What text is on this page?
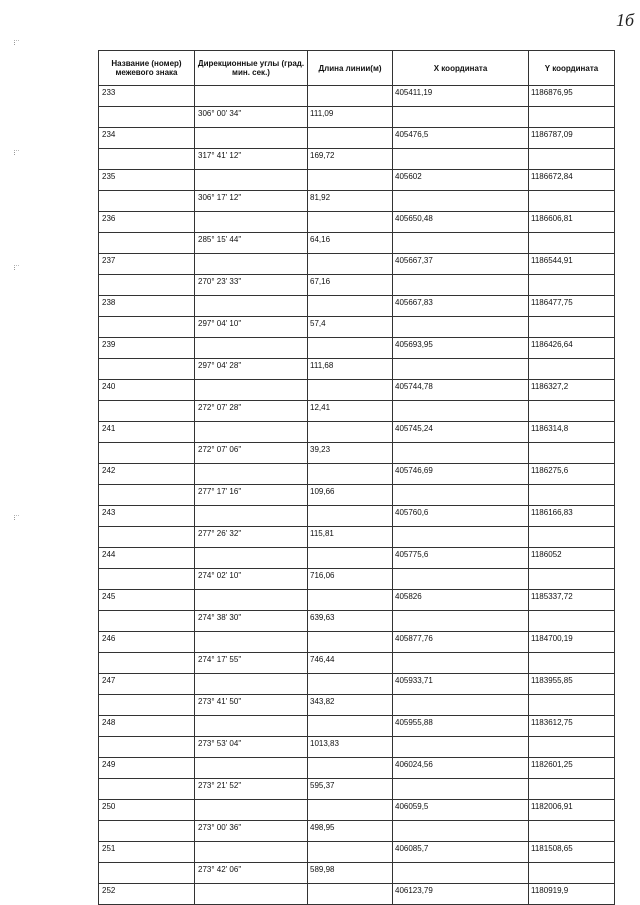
1б
Название (номер) межевого знака	Дирекционные углы (град. мин. сек.)	Длина линии(м)	X координата	Y координата
233			405411,19	1186876,95
	306° 00' 34"	111,09		
234			405476,5	1186787,09
	317° 41' 12"	169,72		
235			405602	1186672,84
	306° 17' 12"	81,92		
236			405650,48	1186606,81
	285° 15' 44"	64,16		
237			405667,37	1186544,91
	270° 23' 33"	67,16		
238			405667,83	1186477,75
	297° 04' 10"	57,4		
239			405693,95	1186426,64
	297° 04' 28"	111,68		
240			405744,78	1186327,2
	272° 07' 28"	12,41		
241			405745,24	1186314,8
	272° 07' 06"	39,23		
242			405746,69	1186275,6
	277° 17' 16"	109,66		
243			405760,6	1186166,83
	277° 26' 32"	115,81		
244			405775,6	1186052
	274° 02' 10"	716,06		
245			405826	1185337,72
	274° 38' 30"	639,63		
246			405877,76	1184700,19
	274° 17' 55"	746,44		
247			405933,71	1183955,85
	273° 41' 50"	343,82		
248			405955,88	1183612,75
	273° 53' 04"	1013,83		
249			406024,56	1182601,25
	273° 21' 52"	595,37		
250			406059,5	1182006,91
	273° 00' 36"	498,95		
251			406085,7	1181508,65
	273° 42' 06"	589,98		
252			406123,79	1180919,9
